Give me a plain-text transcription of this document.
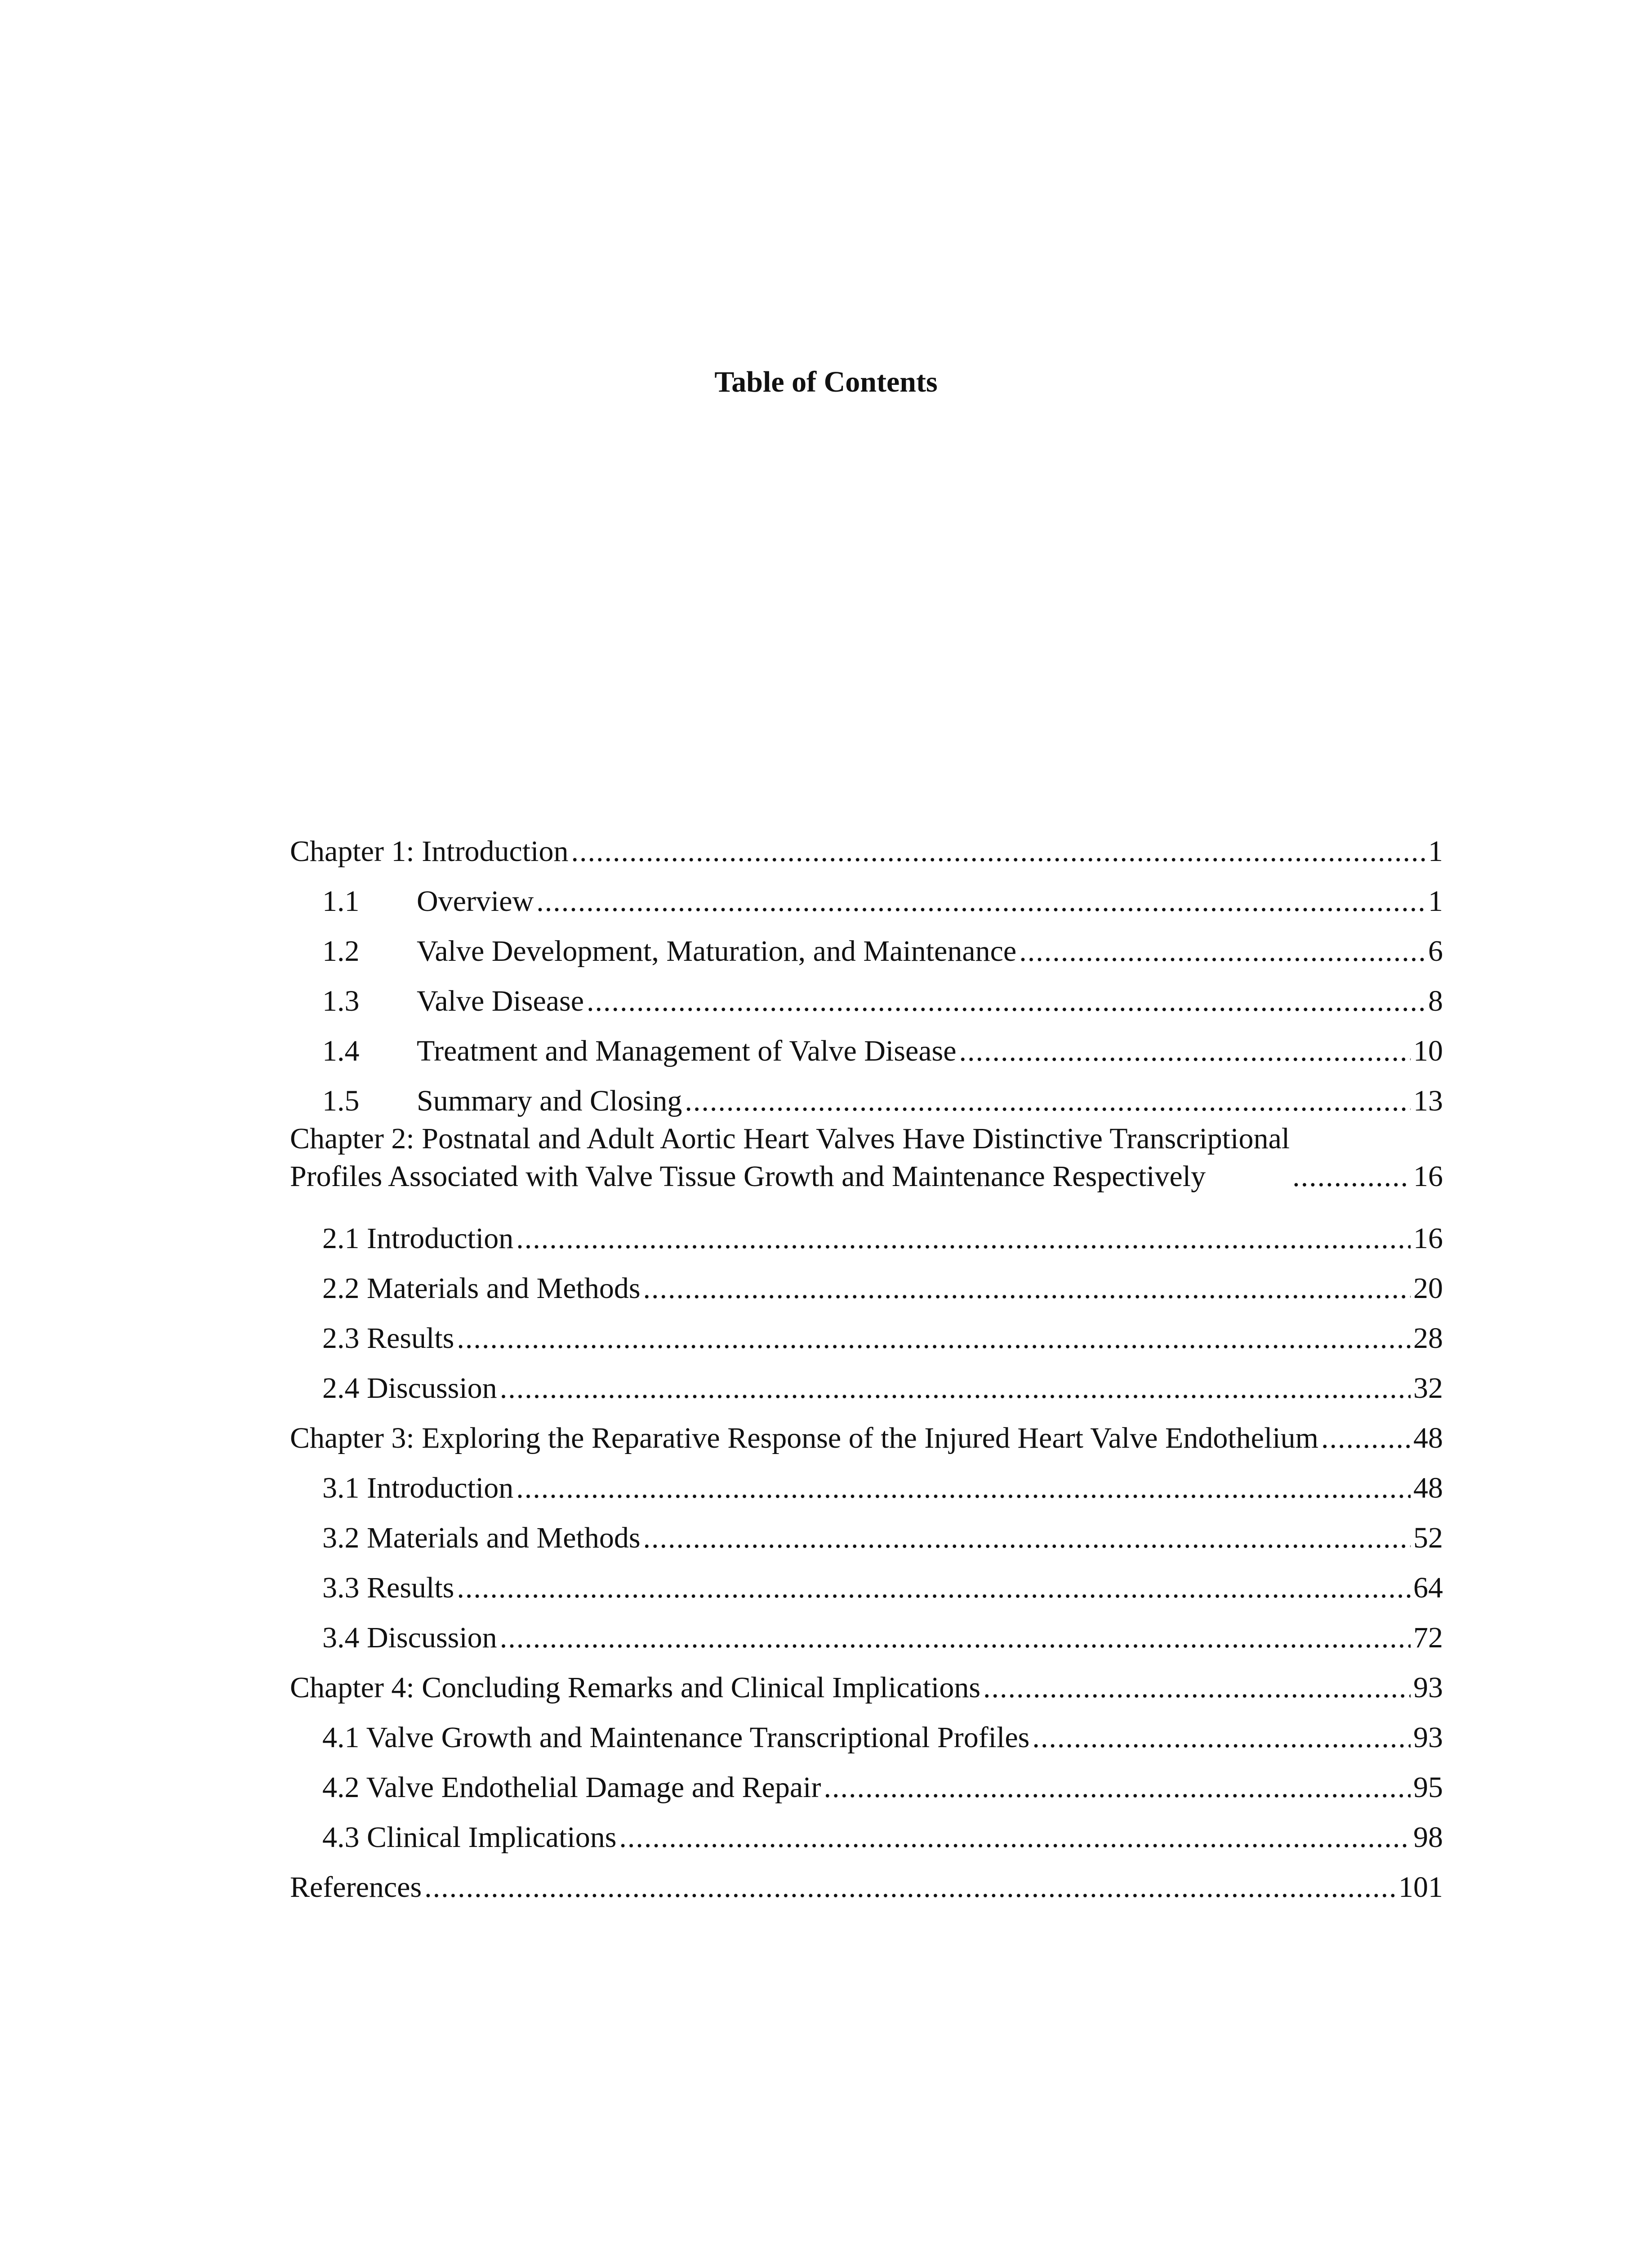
Table of Contents
Chapter 1: Introduction .....	1
1.1 Overview .....	1
1.2 Valve Development, Maturation, and Maintenance .....	6
1.3 Valve Disease .....	8
1.4 Treatment and Management of Valve Disease .....	10
1.5 Summary and Closing .....	13
Chapter 2: Postnatal and Adult Aortic Heart Valves Have Distinctive Transcriptional
Profiles Associated with Valve Tissue Growth and Maintenance Respectively .....	16
2.1 Introduction .....	16
2.2 Materials and Methods .....	20
2.3 Results .....	28
2.4 Discussion .....	32
Chapter 3: Exploring the Reparative Response of the Injured Heart Valve Endothelium .....	48
3.1 Introduction .....	48
3.2 Materials and Methods .....	52
3.3 Results .....	64
3.4 Discussion .....	72
Chapter 4: Concluding Remarks and Clinical Implications .....	93
4.1 Valve Growth and Maintenance Transcriptional Profiles .....	93
4.2 Valve Endothelial Damage and Repair .....	95
4.3 Clinical Implications .....	98
References .....	101
